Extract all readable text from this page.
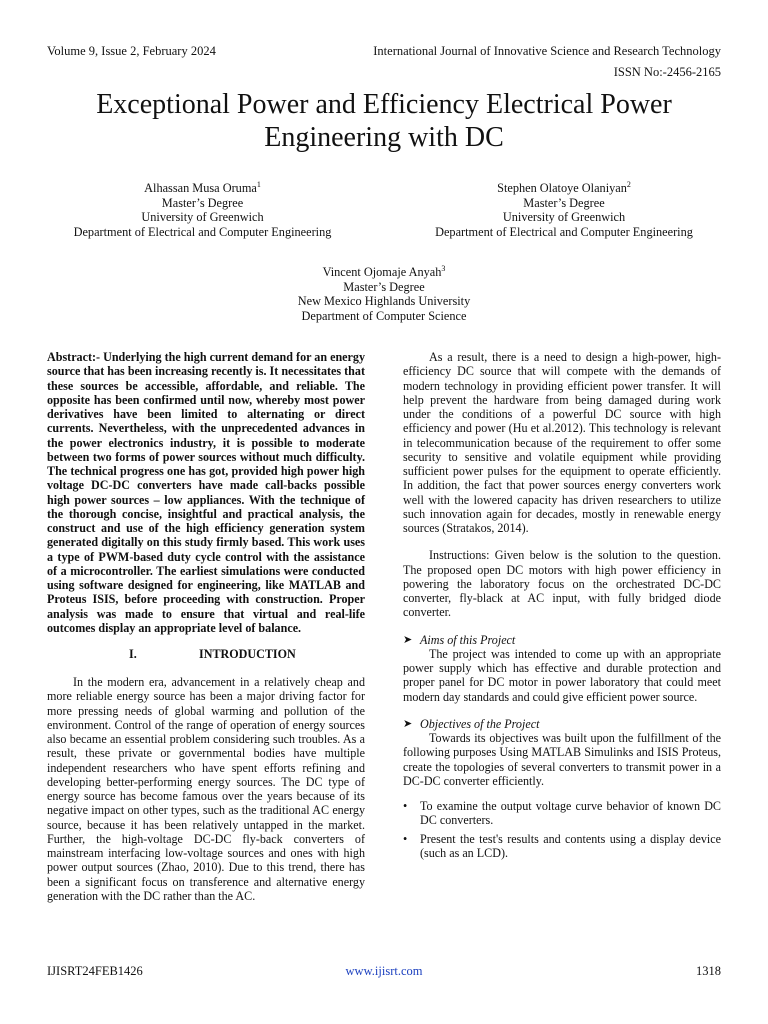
Volume 9, Issue 2, February 2024	International Journal of Innovative Science and Research Technology
ISSN No:-2456-2165
Exceptional Power and Efficiency Electrical Power Engineering with DC
Alhassan Musa Oruma$^1$
Master’s Degree
University of Greenwich
Department of Electrical and Computer Engineering
Stephen Olatoye Olaniyan$^2$
Master’s Degree
University of Greenwich
Department of Electrical and Computer Engineering
Vincent Ojomaje Anyah$^3$
Master’s Degree
New Mexico Highlands University
Department of Computer Science

Abstract:- Underlying the high current demand for an energy source that has been increasing recently is. It necessitates that these sources be accessible, affordable, and reliable. The opposite has been confirmed until now, whereby most power derivatives have been limited to alternating or direct currents. Nevertheless, with the unprecedented advances in the power electronics industry, it is possible to moderate between two forms of power sources without much difficulty. The technical progress one has got, provided high power high voltage DC-DC converters have made call-backs possible high power sources – low appliances. With the technique of the thorough concise, insightful and practical analysis, the construct and use of the high efficiency generation system generated digitally on this study firmly based. This work uses a type of PWM-based duty cycle control with the assistance of a microcontroller. The earliest simulations were conducted using software designed for engineering, like MATLAB and Proteus ISIS, before proceeding with construction. Proper analysis was made to ensure that virtual and real-life outcomes display an appropriate level of balance.

I.	INTRODUCTION

In the modern era, advancement in a relatively cheap and more reliable energy source has been a major driving factor for more pressing needs of global warming and pollution of the environment. Control of the range of operation of energy sources also became an essential problem considering such troubles. As a result, these private or governmental bodies have multiple independent researchers who have spent efforts refining and developing better-performing energy sources. The DC type of energy source has become famous over the years because of its negative impact on other types, such as the traditional AC energy source, because it has been relatively untapped in the market. Further, the high-voltage DC-DC fly-back converters of mainstream interfacing low-voltage sources and ones with high power output sources (Zhao, 2010). Due to this trend, there has been a significant focus on transference and alternative energy generation with the DC rather than the AC.

As a result, there is a need to design a high-power, high-efficiency DC source that will compete with the demands of modern technology in providing efficient power transfer. It will help prevent the hardware from being damaged during work under the conditions of a powerful DC source with high efficiency and power (Hu et al.2012). This technology is relevant in telecommunication because of the requirement to offer some security to sensitive and volatile equipment while providing sufficient power pulses for the equipment to operate efficiently. In addition, the fact that power sources energy converters work well with the lowered capacity has driven researchers to utilize such innovation again for decades, mostly in renewable energy sources (Stratakos, 2014).

Instructions: Given below is the solution to the question. The proposed open DC motors with high power efficiency in powering the laboratory focus on the orchestrated DC-DC converter, fly-black at AC input, with fully bridged diode converter.

➤ Aims of this Project

The project was intended to come up with an appropriate power supply which has effective and durable protection and proper panel for DC motor in power laboratory that could meet modern day standards and could give efficient power source.

➤ Objectives of the Project

Towards its objectives was built upon the fulfillment of the following purposes Using MATLAB Simulinks and ISIS Proteus, create the topologies of several converters to transmit power in a DC-DC converter efficiently.

• To examine the output voltage curve behavior of known DC DC converters.

• Present the test's results and contents using a display device (such as an LCD).

IJISRT24FEB1426	www.ijisrt.com	1318
